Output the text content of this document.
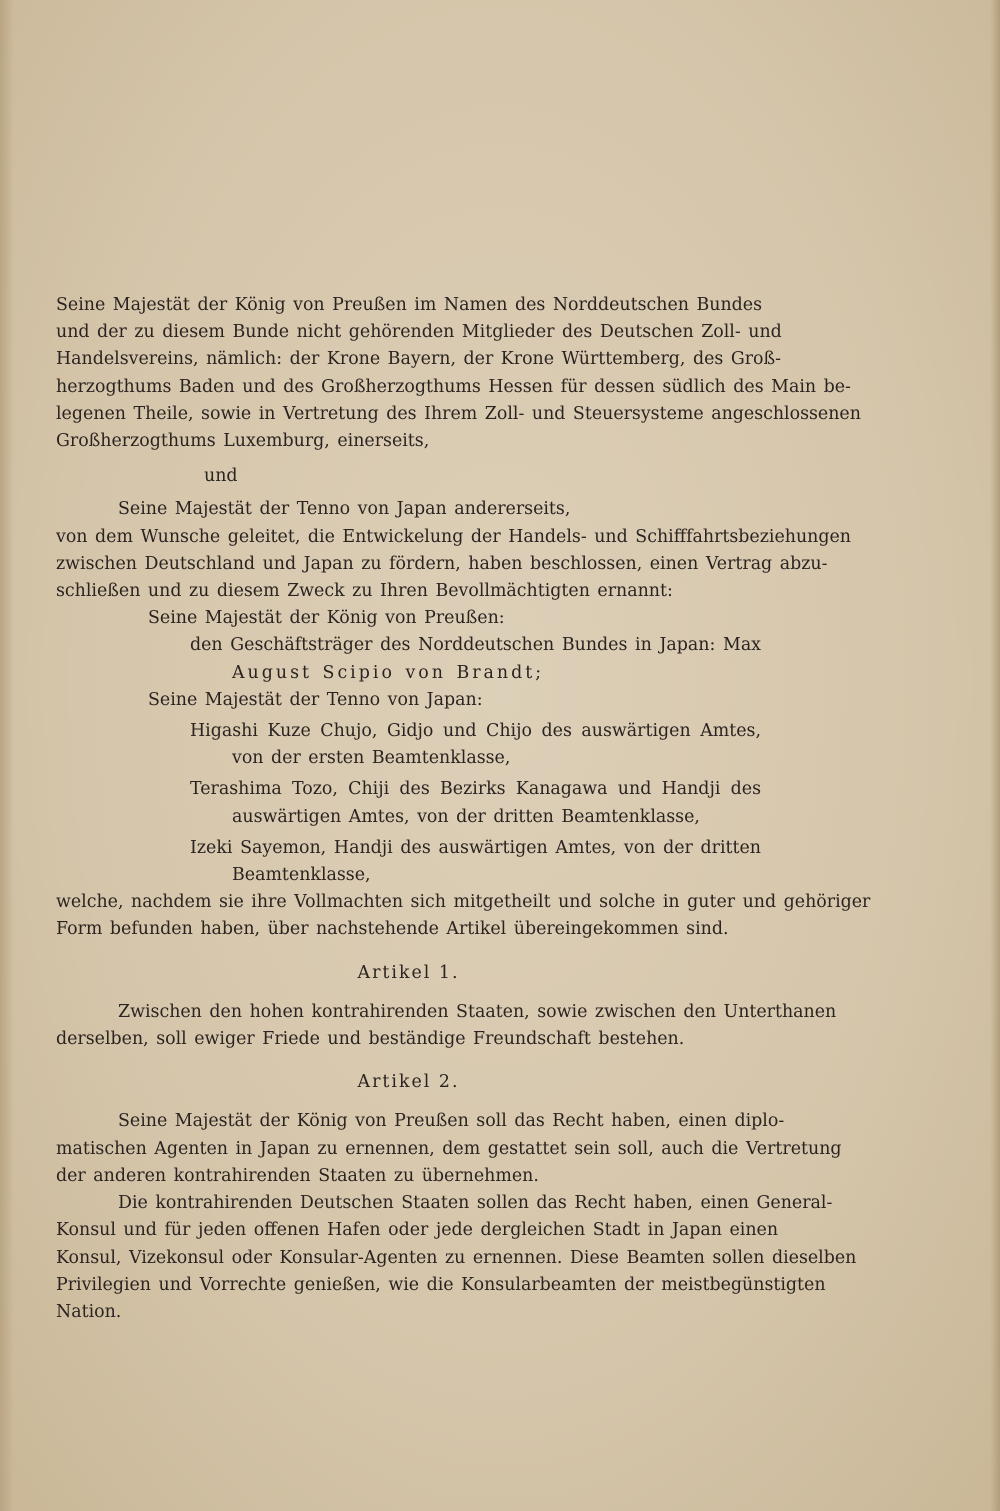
Seine Majestät der König von Preußen im Namen des Norddeutschen Bundes
und der zu diesem Bunde nicht gehörenden Mitglieder des Deutschen Zoll- und
Handelsvereins, nämlich: der Krone Bayern, der Krone Württemberg, des Groß-
herzogthums Baden und des Großherzogthums Hessen für dessen südlich des Main be-
legenen Theile, sowie in Vertretung des Ihrem Zoll- und Steuersysteme angeschlossenen
Großherzogthums Luxemburg, einerseits,
und
Seine Majestät der Tenno von Japan andererseits,
von dem Wunsche geleitet, die Entwickelung der Handels- und Schifffahrtsbeziehungen
zwischen Deutschland und Japan zu fördern, haben beschlossen, einen Vertrag abzu-
schließen und zu diesem Zweck zu Ihren Bevollmächtigten ernannt:
Seine Majestät der König von Preußen:
den Geschäftsträger des Norddeutschen Bundes in Japan: Max
August Scipio von Brandt;
Seine Majestät der Tenno von Japan:
Higashi Kuze Chujo, Gidjo und Chijo des auswärtigen Amtes,
von der ersten Beamtenklasse,
Terashima Tozo, Chiji des Bezirks Kanagawa und Handji des
auswärtigen Amtes, von der dritten Beamtenklasse,
Izeki Sayemon, Handji des auswärtigen Amtes, von der dritten
Beamtenklasse,
welche, nachdem sie ihre Vollmachten sich mitgetheilt und solche in guter und gehöriger
Form befunden haben, über nachstehende Artikel übereingekommen sind.
Artikel 1.
Zwischen den hohen kontrahirenden Staaten, sowie zwischen den Unterthanen
derselben, soll ewiger Friede und beständige Freundschaft bestehen.
Artikel 2.
Seine Majestät der König von Preußen soll das Recht haben, einen diplo-
matischen Agenten in Japan zu ernennen, dem gestattet sein soll, auch die Vertretung
der anderen kontrahirenden Staaten zu übernehmen.
Die kontrahirenden Deutschen Staaten sollen das Recht haben, einen General-
Konsul und für jeden offenen Hafen oder jede dergleichen Stadt in Japan einen
Konsul, Vizekonsul oder Konsular-Agenten zu ernennen. Diese Beamten sollen dieselben
Privilegien und Vorrechte genießen, wie die Konsularbeamten der meistbegünstigten
Nation.
